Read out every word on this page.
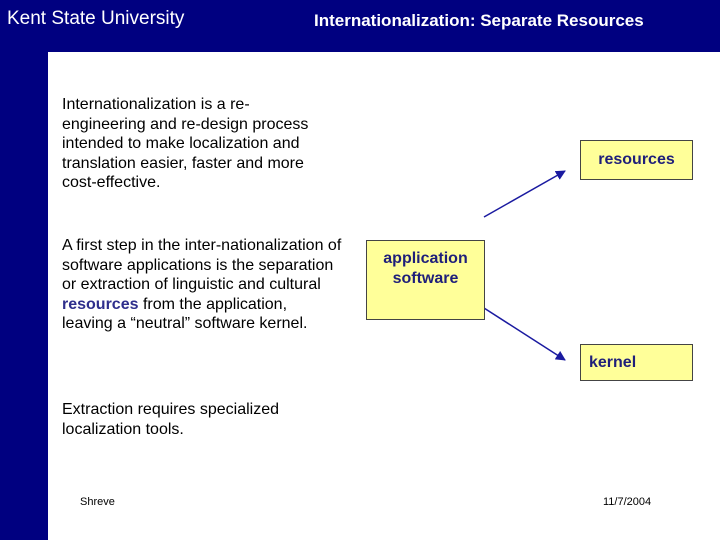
Kent State University	Internationalization: Separate Resources

Internationalization is a re-engineering and re-design process intended to make localization and translation easier, faster and more cost-effective.

A first step in the inter-nationalization of software applications is the separation or extraction of linguistic and cultural resources from the application, leaving a “neutral” software kernel.

Extraction requires specialized localization tools.

application
software
resources
kernel
Shreve	11/7/2004
